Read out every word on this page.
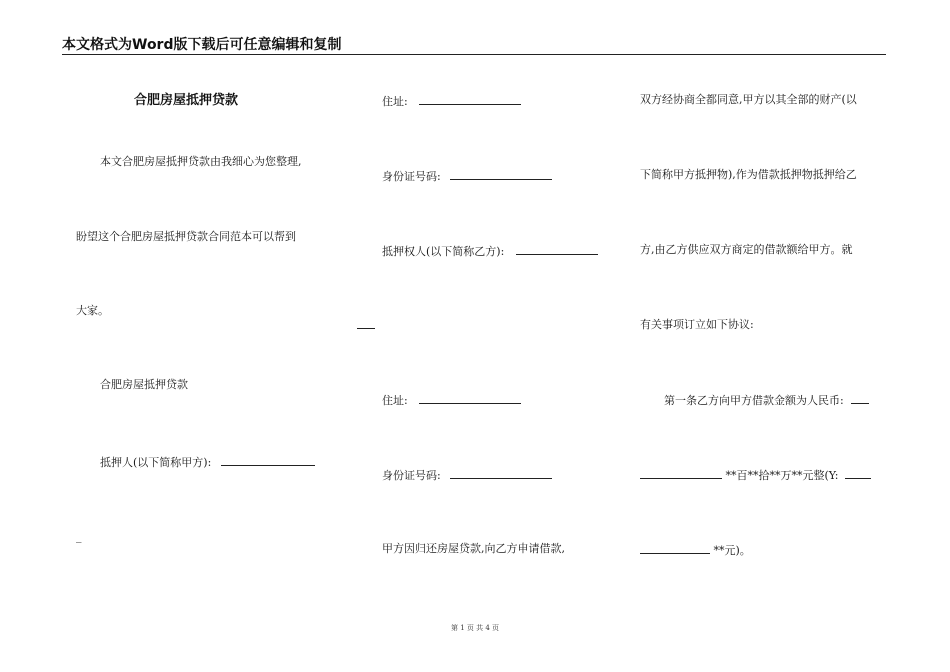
本文格式为Word版下载后可任意编辑和复制
合肥房屋抵押贷款
本文合肥房屋抵押贷款由我细心为您整理,
盼望这个合肥房屋抵押贷款合同范本可以帮到
大家。
合肥房屋抵押贷款
抵押人(以下简称甲方):
_
住址:
身份证号码:
抵押权人(以下简称乙方):
住址:
身份证号码:
甲方因归还房屋贷款,向乙方申请借款,
双方经协商全都同意,甲方以其全部的财产(以
下简称甲方抵押物),作为借款抵押物抵押给乙
方,由乙方供应双方商定的借款额给甲方。就
有关事项订立如下协议:
第一条乙方向甲方借款金额为人民币:
**百**拾**万**元整(Y:
**元)。
第 1 页 共 4 页
